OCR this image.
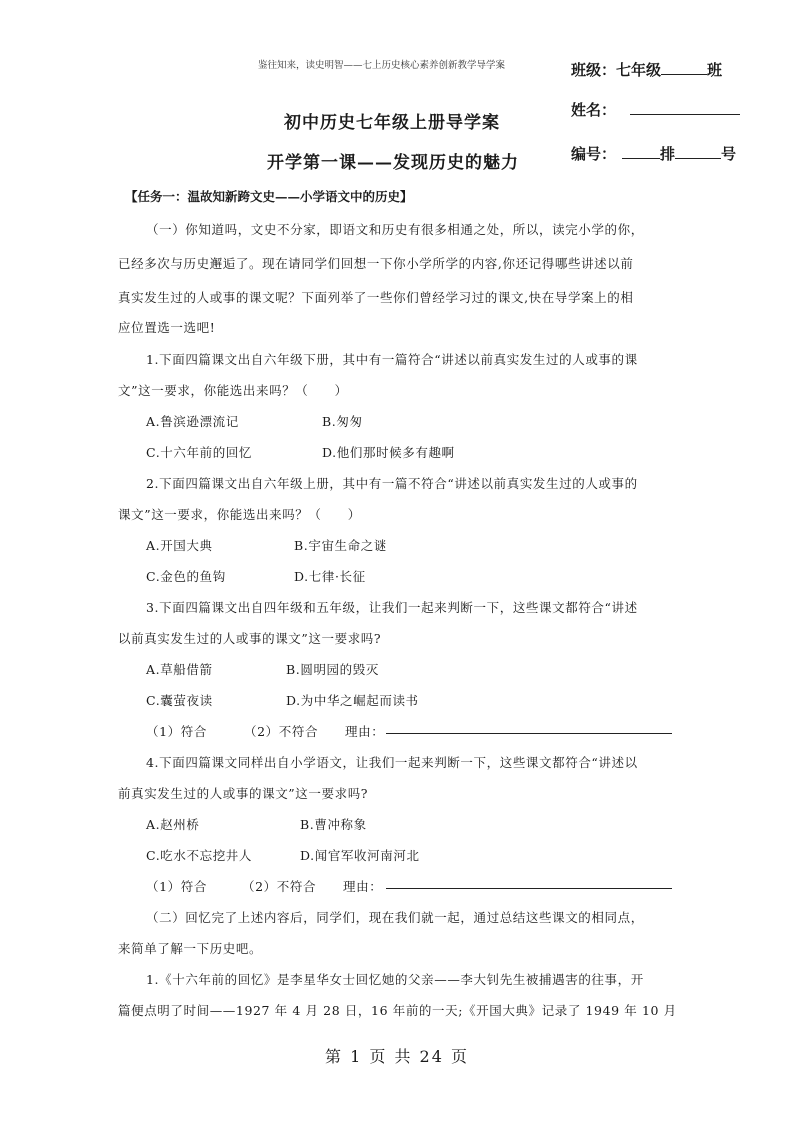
鉴往知来，读史明智——七上历史核心素养创新教学导学案	班级：七年级	班
姓名：
编号：	排	号
初中历史七年级上册导学案
开学第一课——发现历史的魅力
【任务一：温故知新跨文史——小学语文中的历史】
（一）你知道吗，文史不分家，即语文和历史有很多相通之处，所以，读完小学的你，
已经多次与历史邂逅了。现在请同学们回想一下你小学所学的内容,你还记得哪些讲述以前
真实发生过的人或事的课文呢？下面列举了一些你们曾经学习过的课文,快在导学案上的相
应位置选一选吧!
1.下面四篇课文出自六年级下册，其中有一篇符合“讲述以前真实发生过的人或事的课
文”这一要求，你能选出来吗？（　　）
A.鲁滨逊漂流记	B.匆匆
C.十六年前的回忆	D.他们那时候多有趣啊
2.下面四篇课文出自六年级上册，其中有一篇不符合“讲述以前真实发生过的人或事的
课文”这一要求，你能选出来吗？（　　）
A.开国大典	B.宇宙生命之谜
C.金色的鱼钩	D.七律·长征
3.下面四篇课文出自四年级和五年级，让我们一起来判断一下，这些课文都符合“讲述
以前真实发生过的人或事的课文”这一要求吗?
A.草船借箭	B.圆明园的毁灭
C.囊萤夜读	D.为中华之崛起而读书
（1）符合	（2）不符合 理由：
4.下面四篇课文同样出自小学语文，让我们一起来判断一下，这些课文都符合“讲述以
前真实发生过的人或事的课文”这一要求吗?
A.赵州桥	B.曹冲称象
C.吃水不忘挖井人	D.闻官军收河南河北
（1）符合	（2）不符合 理由：
（二）回忆完了上述内容后，同学们，现在我们就一起，通过总结这些课文的相同点，
来简单了解一下历史吧。
1.《十六年前的回忆》是李星华女士回忆她的父亲——李大钊先生被捕遇害的往事，开
篇便点明了时间——1927 年 4 月 28 日，16 年前的一天;《开国大典》记录了 1949 年 10 月
第 1 页 共 24 页
